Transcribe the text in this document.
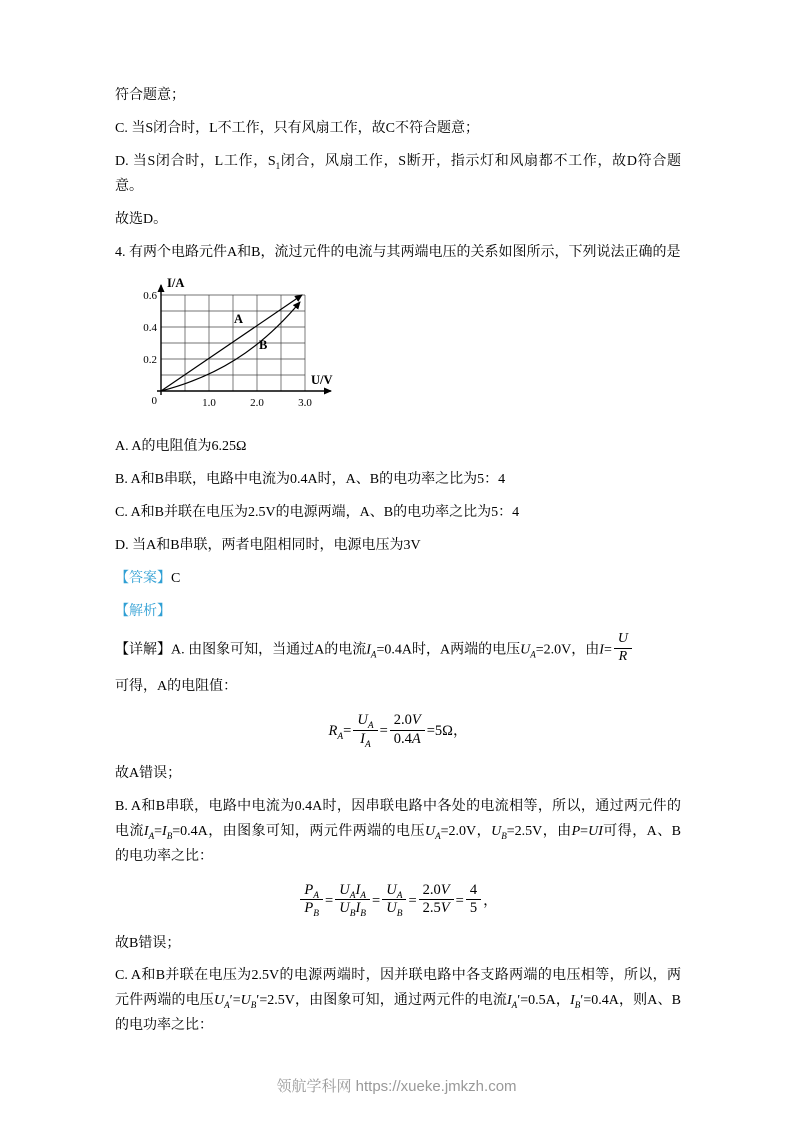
符合题意；

C. 当S闭合时，L不工作，只有风扇工作，故C不符合题意；

D. 当S闭合时，L工作，$S_1$闭合，风扇工作，S断开，指示灯和风扇都不工作，故D符合题意。

故选D。

4. 有两个电路元件A和B，流过元件的电流与其两端电压的关系如图所示，下列说法正确的是

I/A
U/V
0.6
0.4
0.2
0	1.0	2.0	3.0
A
B

A. A的电阻值为6.25Ω

B. A和B串联，电路中电流为0.4A时，A、B的电功率之比为5：4

C. A和B并联在电压为2.5V的电源两端，A、B的电功率之比为5：4

D. 当A和B串联，两者电阻相同时，电源电压为3V

【答案】C

【解析】

【详解】A. 由图象可知，当通过A的电流$I_A=0.4A$时，A两端的电压$U_A=2.0V$，由$I= \frac{U}{R}$

可得，A的电阻值：

$R_A= \frac{U_A}{I_A} = \frac{2.0V}{0.4A} =5\Omega$，

故A错误；

B. A和B串联，电路中电流为0.4A时，因串联电路中各处的电流相等，所以，通过两元件的电流$I_A=I_B=0.4A$，由图象可知，两元件两端的电压$U_A=2.0V$，$U_B=2.5V$，由P=UI可得，A、B的电功率之比：

$\frac{P_A}{P_B} = \frac{U_AI_A}{U_BI_B} = \frac{U_A}{U_B} = \frac{2.0V}{2.5V} = \frac{4}{5}$ ，

故B错误；

C. A和B并联在电压为2.5V的电源两端时，因并联电路中各支路两端的电压相等，所以，两元件两端的电压$U_A'=U_B'=2.5V$，由图象可知，通过两元件的电流$I_A'=0.5A$，$I_B'=0.4A$，则A、B的电功率之比：

领航学科网 https://xueke.jmkzh.com
